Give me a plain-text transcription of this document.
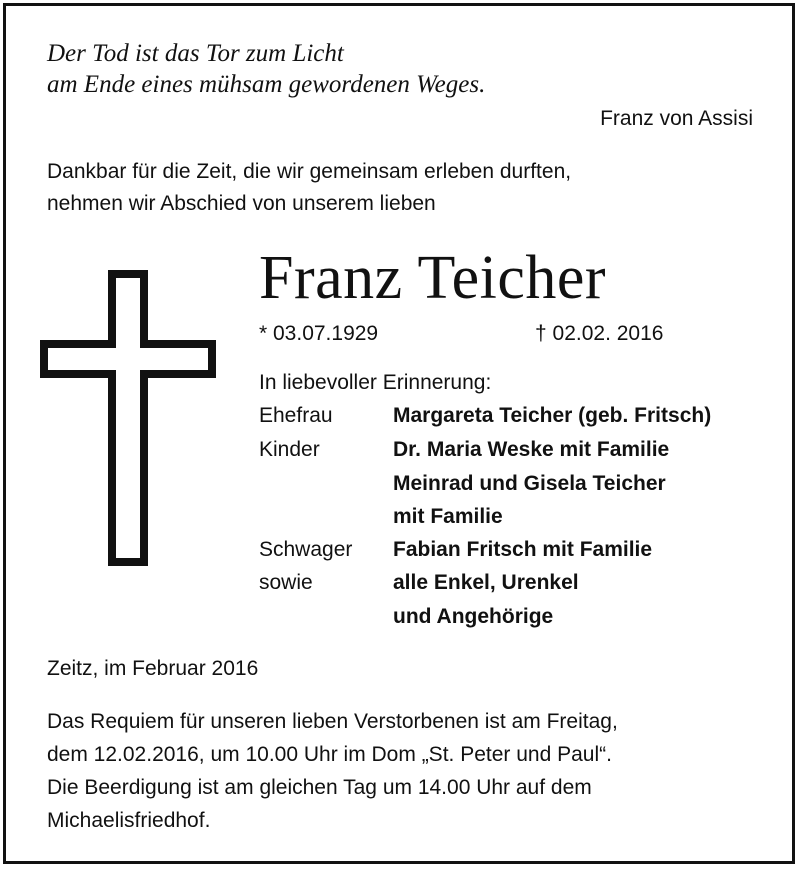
Der Tod ist das Tor zum Licht
am Ende eines mühsam gewordenen Weges.
Franz von Assisi
Dankbar für die Zeit, die wir gemeinsam erleben durften,
nehmen wir Abschied von unserem lieben
Franz Teicher
* 03.07.1929	† 02.02. 2016
In liebevoller Erinnerung:
Ehefrau	Margareta Teicher (geb. Fritsch)
Kinder	Dr. Maria Weske mit Familie
Meinrad und Gisela Teicher
mit Familie
Schwager Fabian Fritsch mit Familie
sowie	alle Enkel, Urenkel
und Angehörige
Zeitz, im Februar 2016
Das Requiem für unseren lieben Verstorbenen ist am Freitag,
dem 12.02.2016, um 10.00 Uhr im Dom „St. Peter und Paul“.
Die Beerdigung ist am gleichen Tag um 14.00 Uhr auf dem
Michaelisfriedhof.
